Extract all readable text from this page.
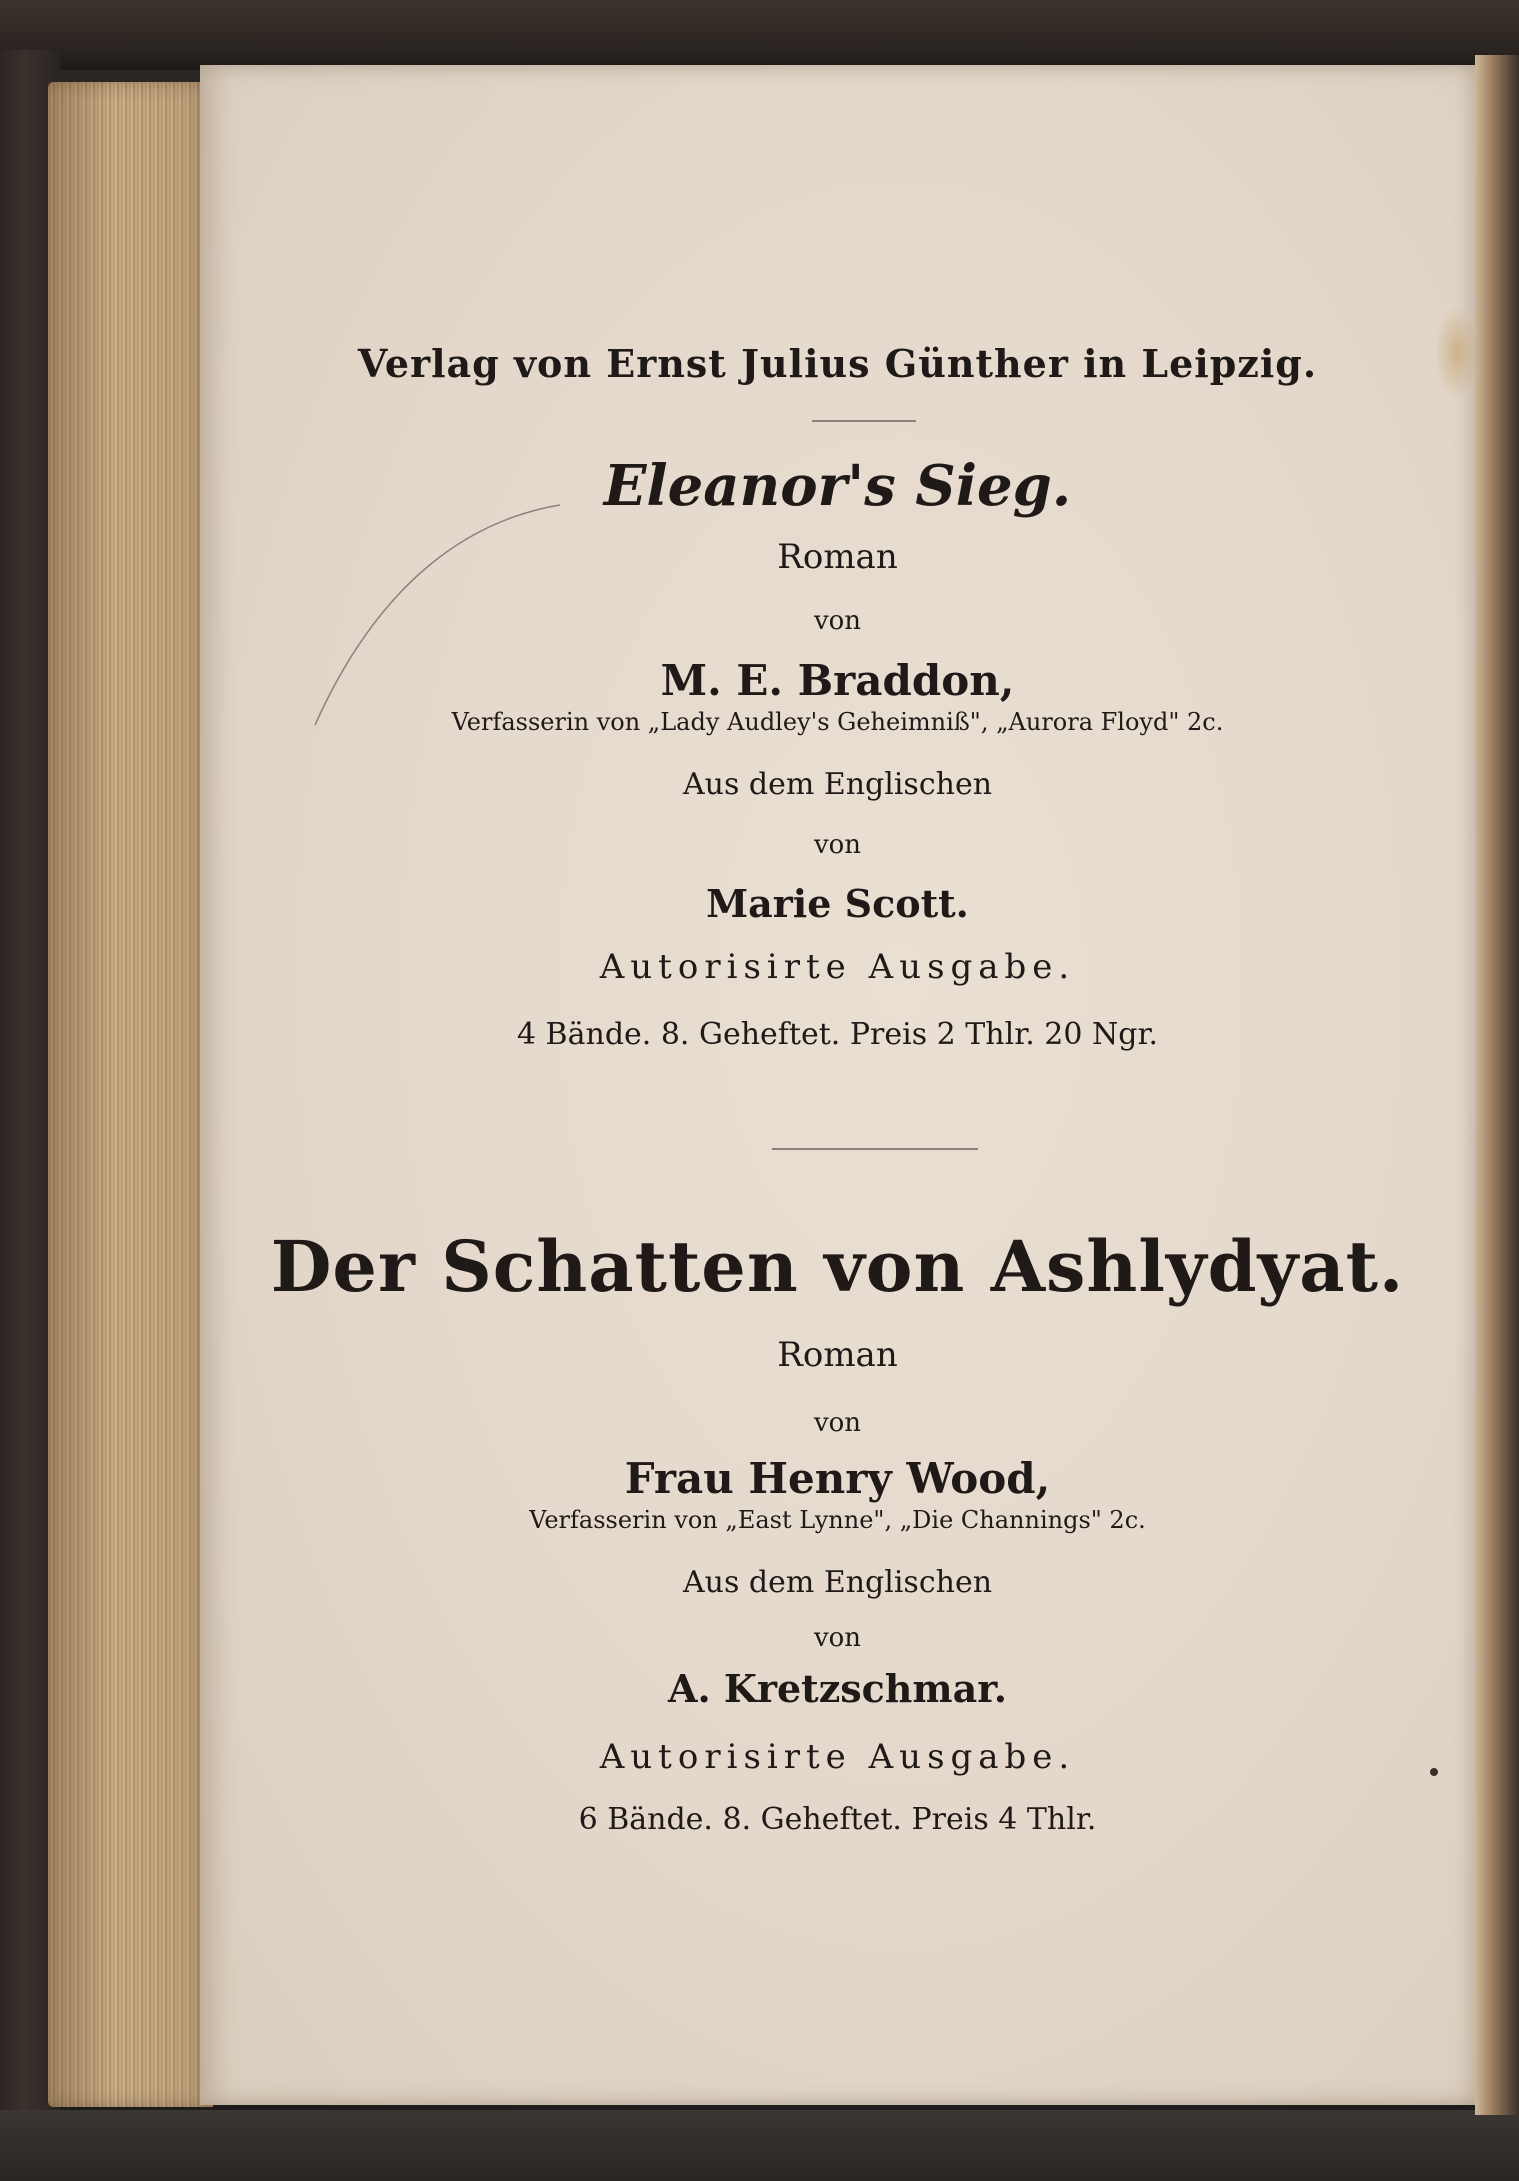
Verlag von Ernst Julius Günther in Leipzig.
Eleanor's Sieg.
Roman
von
M. E. Braddon,
Verfasserin von „Lady Audley's Geheimniß", „Aurora Floyd" 2c.
Aus dem Englischen
von
Marie Scott.
Autorisirte Ausgabe.
4 Bände. 8. Geheftet. Preis 2 Thlr. 20 Ngr.
Der Schatten von Ashlydyat.
Roman
von
Frau Henry Wood,
Verfasserin von „East Lynne", „Die Channings" 2c.
Aus dem Englischen
von
A. Kretzschmar.
Autorisirte Ausgabe.
6 Bände. 8. Geheftet. Preis 4 Thlr.
